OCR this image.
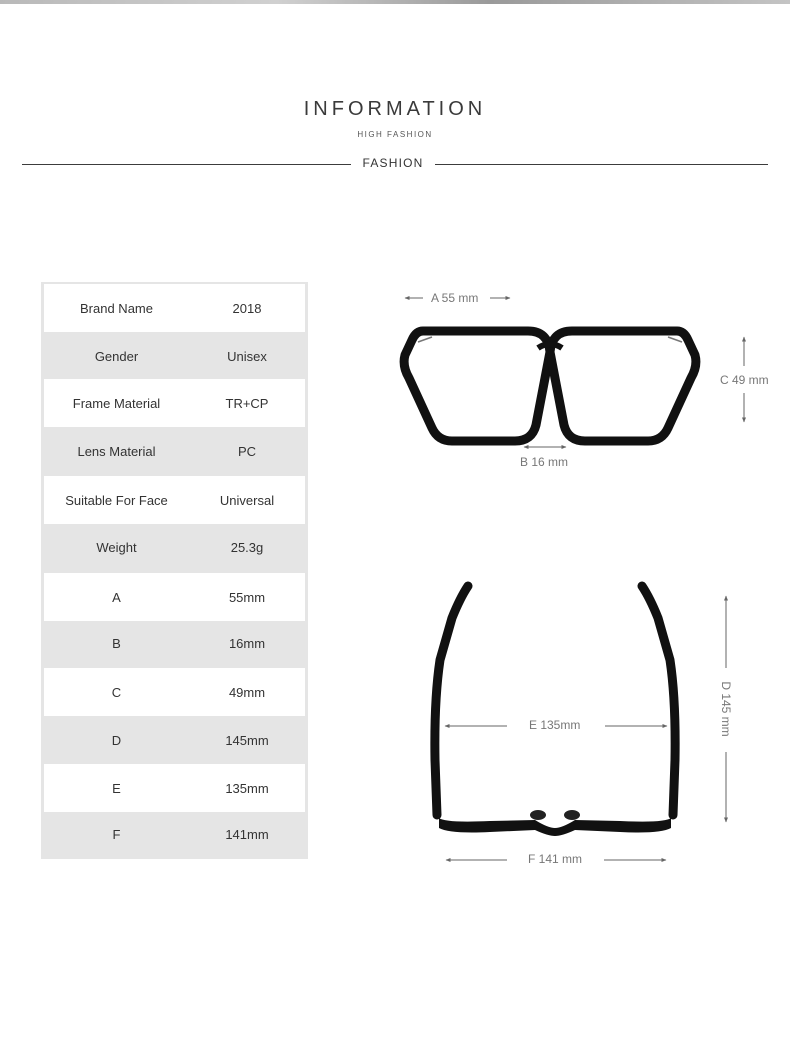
INFORMATION
HIGH FASHION
FASHION
Brand Name	2018
Gender	Unisex
Frame Material	TR+CP
Lens Material	PC
Suitable For Face	Universal
Weight	25.3g
A	55mm
B	16mm
C	49mm
D	145mm
E	135mm
F	141mm
A 55 mm
B 16 mm
C 49 mm
E 135mm
F 141 mm
D 145 mm
